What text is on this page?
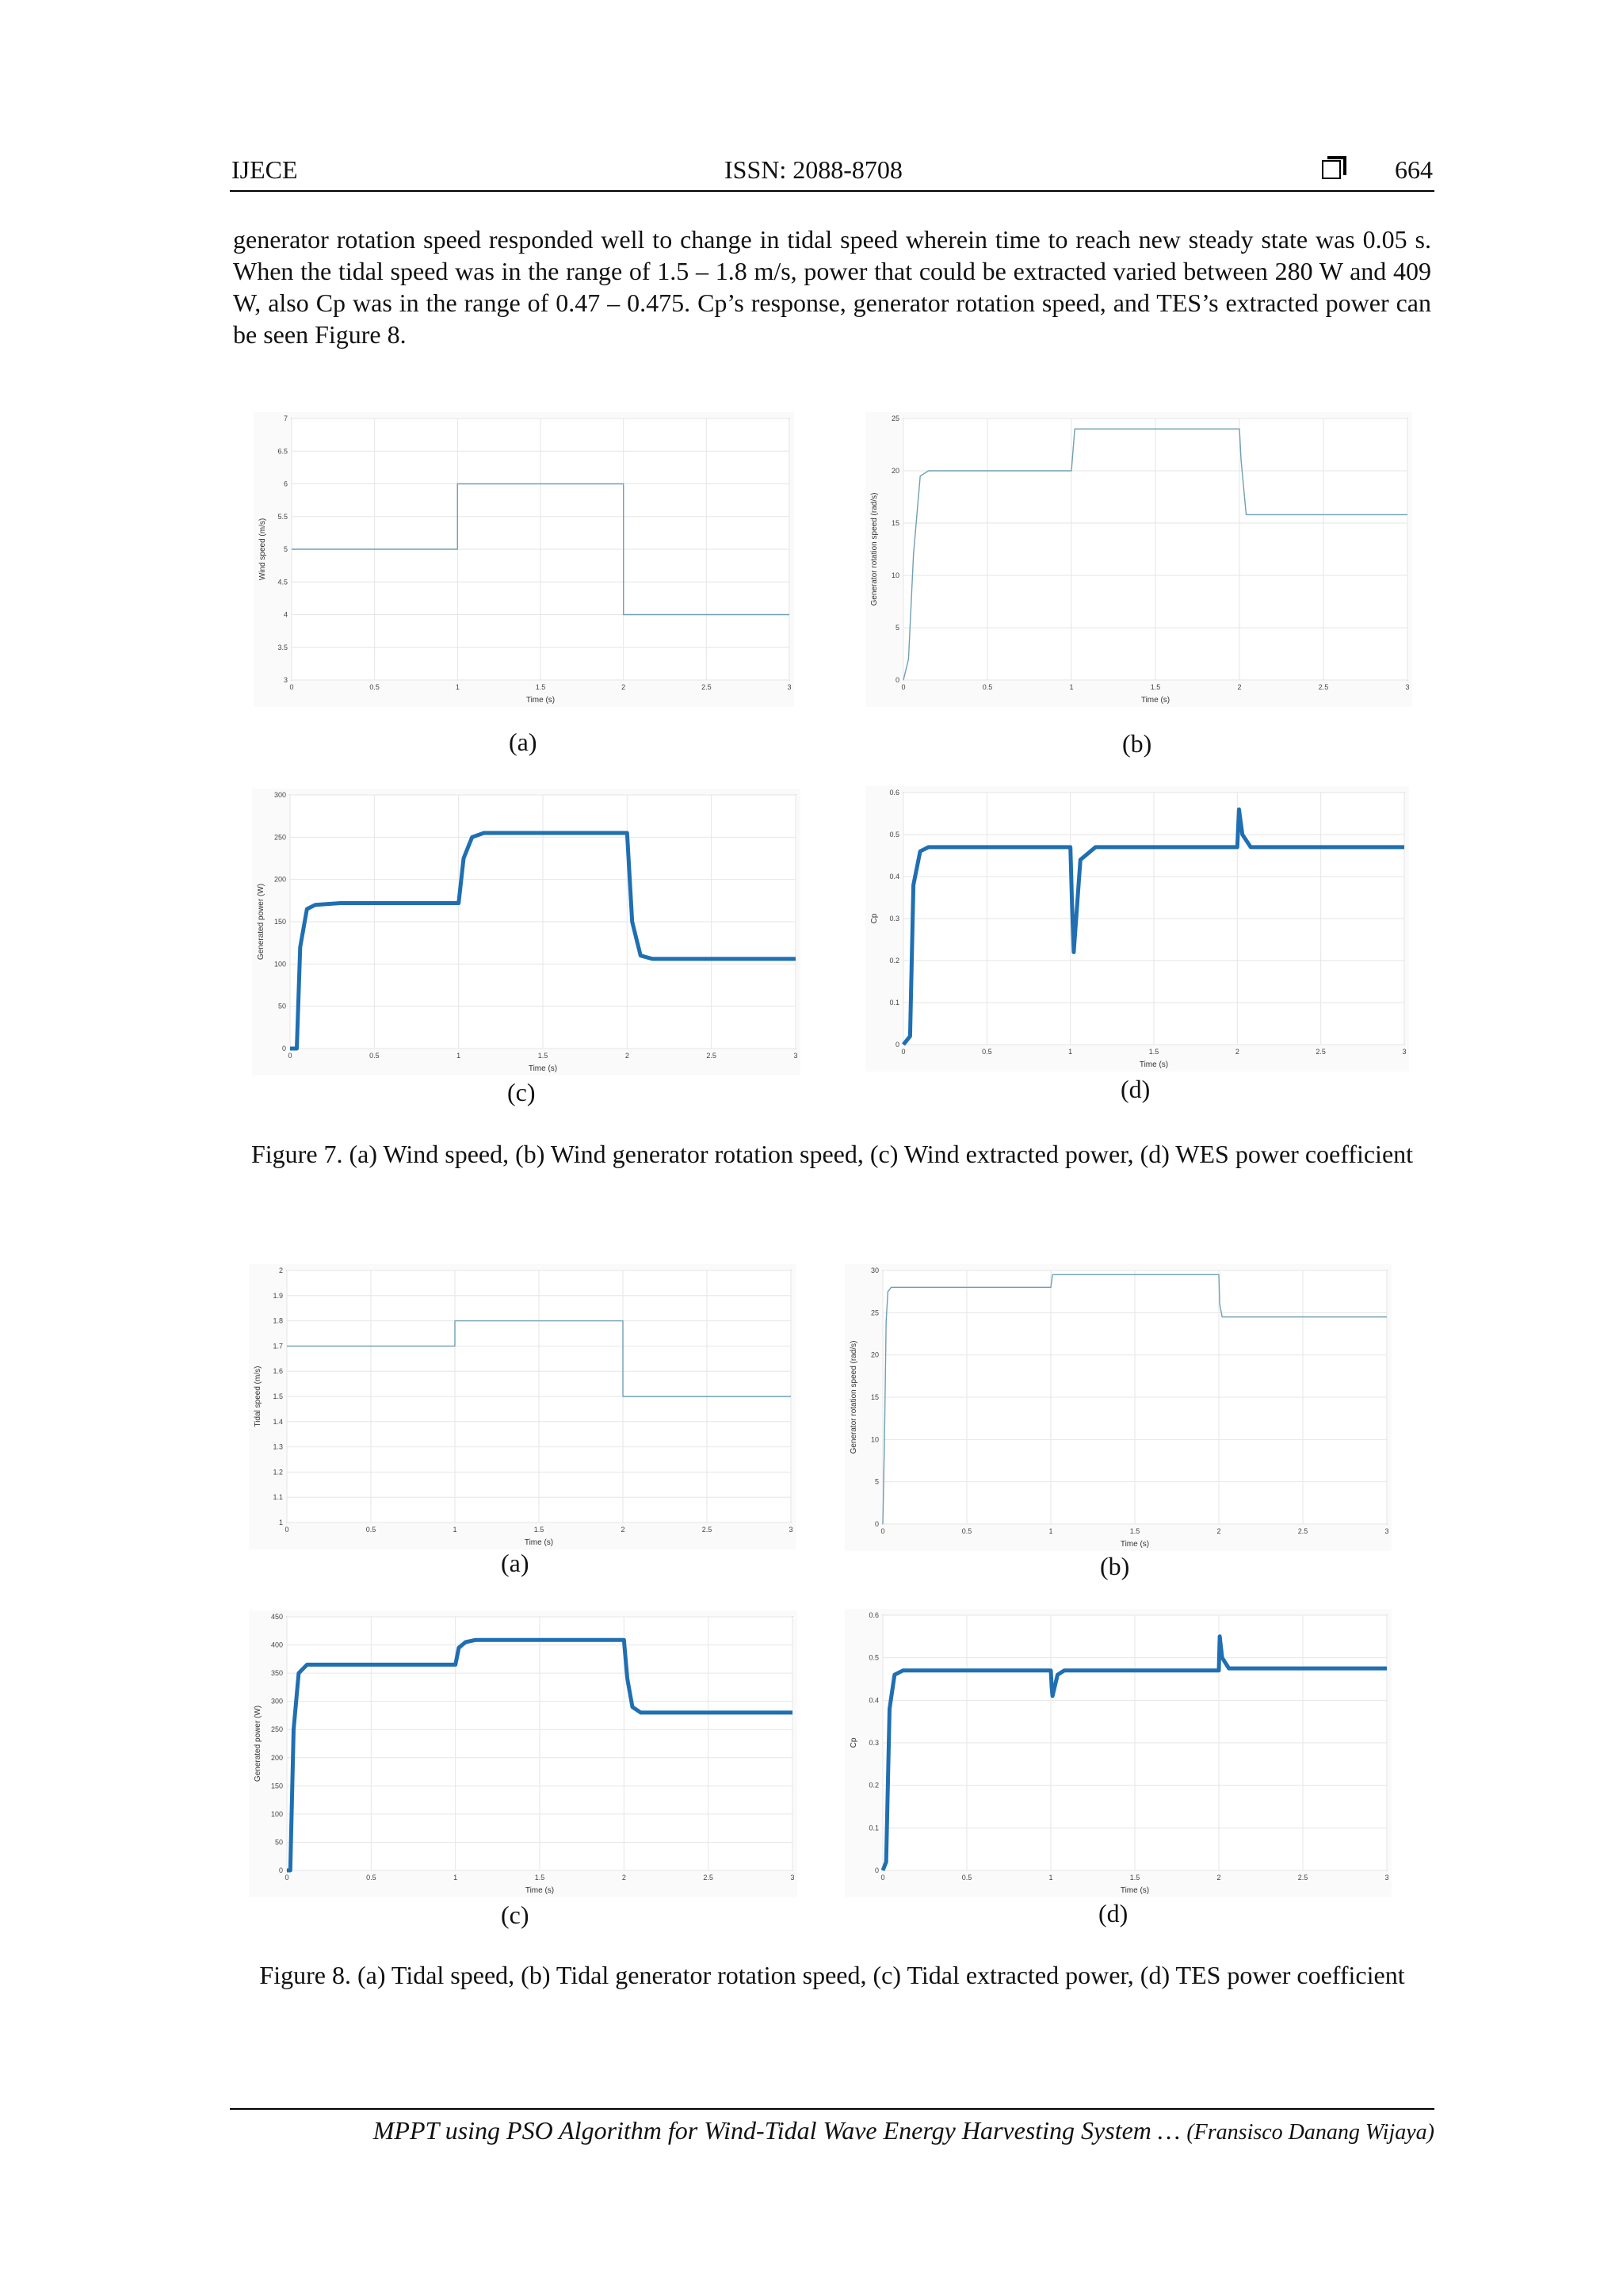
IJECE	ISSN: 2088-8708	664

generator rotation speed responded well to change in tidal speed wherein time to reach new steady state was 0.05 s. When the tidal speed was in the range of 1.5 – 1.8 m/s, power that could be extracted varied between 280 W and 409 W, also Cp was in the range of 0.47 – 0.475. Cp’s response, generator rotation speed, and TES’s extracted power can be seen Figure 8.

0	0.5	1	1.5	2	2.5	3
3
3.5
4
4.5
5
5.5
6
6.5
7
Time (s)
Wind speed (m/s)
0	0.5	1	1.5	2	2.5	3
0
5
10
15
20
25
Time (s)
Generator rotation speed (rad/s)
(a)	(b)
0	0.5	1	1.5	2	2.5	3
0
50
100
150
200
250
300
Time (s)
Generated power (W)
0	0.5	1	1.5	2	2.5	3
0
0.1
0.2
0.3
0.4
0.5
0.6
Time (s)
Cp
(c)	(d)

Figure 7. (a) Wind speed, (b) Wind generator rotation speed, (c) Wind extracted power, (d) WES power coefficient

0	0.5	1	1.5	2	2.5	3
1
1.1
1.2
1.3
1.4
1.5
1.6
1.7
1.8
1.9
2
Time (s)
Tidal speed (m/s)
0	0.5	1	1.5	2	2.5	3
0
5
10
15
20
25
30
Time (s)
Generator rotation speed (rad/s)
(a)	(b)
0	0.5	1	1.5	2	2.5	3
0
50
100
150
200
250
300
350
400
450
Time (s)
Generated power (W)
0	0.5	1	1.5	2	2.5	3
0
0.1
0.2
0.3
0.4
0.5
0.6
Time (s)
Cp
(c)	(d)

Figure 8. (a) Tidal speed, (b) Tidal generator rotation speed, (c) Tidal extracted power, (d) TES power coefficient

MPPT using PSO Algorithm for Wind-Tidal Wave Energy Harvesting System … (Fransisco Danang Wijaya)
